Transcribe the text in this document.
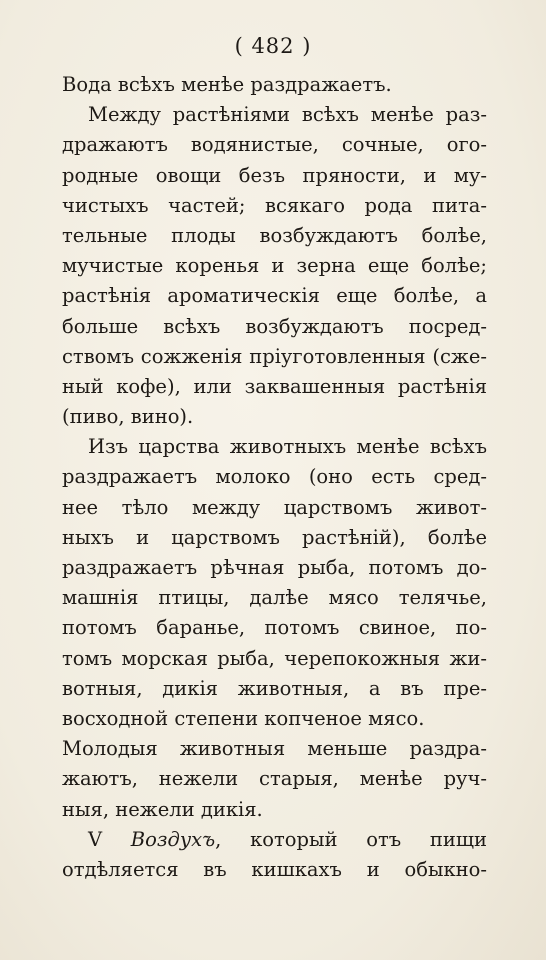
( 482 )
Вода всѣхъ менѣе раздражаетъ.
Между растѣнiями всѣхъ менѣе раз-
дражаютъ водянистые, сочные, ого-
родные овощи безъ пряности, и му-
чистыхъ частей; всякаго рода пита-
тельные плоды возбуждаютъ болѣе,
мучистые коренья и зерна еще болѣе;
растѣнiя ароматическiя еще болѣе, а
больше всѣхъ возбуждаютъ посред-
ствомъ сожженiя прiуготовленныя (сже-
ный кофе), или заквашенныя растѣнiя
(пиво, вино).
Изъ царства животныхъ менѣе всѣхъ
раздражаетъ молоко (оно есть сред-
нее тѣло между царствомъ живот-
ныхъ и царствомъ растѣнiй), болѣе
раздражаетъ рѣчная рыба, потомъ до-
машнiя птицы, далѣе мясо телячье,
потомъ баранье, потомъ свиное, по-
томъ морская рыба, черепокожныя жи-
вотныя, дикiя животныя, а въ пре-
восходной степени копченое мясо.
Молодыя животныя меньше раздра-
жаютъ, нежели старыя, менѣе руч-
ныя, нежели дикiя.
V Воздухъ, который отъ пищи
отдѣляется въ кишкахъ и обыкно-
